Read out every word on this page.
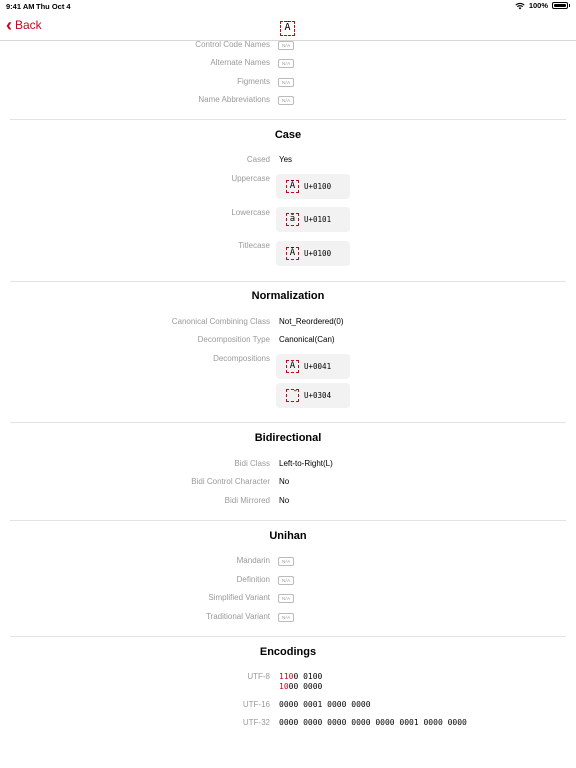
9:41 AM Thu Oct 4	100%
‹ Back	Ā
Control Code Names	N/A
Alternate Names	N/A
Figments	N/A
Name Abbreviations	N/A
Case
Cased Yes
Uppercase
Ā	U+0100
Lowercase
ā	U+0101
Titlecase
Ā	U+0100
Normalization
Canonical Combining Class Not_Reordered(0)
Decomposition Type Canonical(Can)
Decompositions
A	U+0041
U+0304
Bidirectional
Bidi Class Left-to-Right(L)
Bidi Control Character No
Bidi Mirrored No
Unihan
Mandarin	N/A
Definition	N/A
Simplified Variant	N/A
Traditional Variant	N/A
Encodings
UTF-8 1100 0100
1000 0000
UTF-16 0000 0001 0000 0000
UTF-32 0000 0000 0000 0000 0000 0001 0000 0000
